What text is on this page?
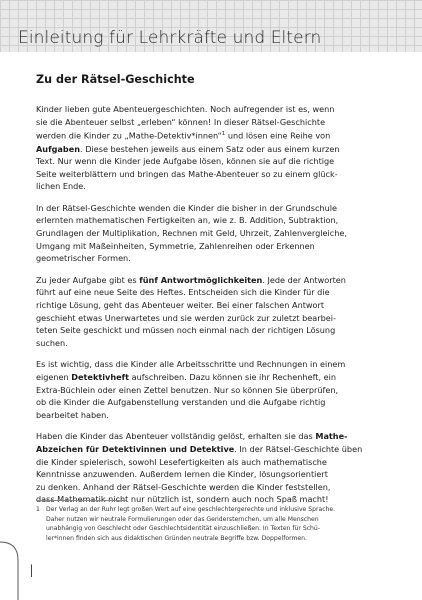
Einleitung für Lehrkräfte und Eltern
Zu der Rätsel-Geschichte

Kinder lieben gute Abenteuergeschichten. Noch aufregender ist es, wenn
sie die Abenteuer selbst „erleben“ können! In dieser Rätsel-Geschichte
werden die Kinder zu „Mathe-Detektiv*innen“$^1$ und lösen eine Reihe von
Aufgaben. Diese bestehen jeweils aus einem Satz oder aus einem kurzen
Text. Nur wenn die Kinder jede Aufgabe lösen, können sie auf die richtige
Seite weiterblättern und bringen das Mathe-Abenteuer so zu einem glück-
lichen Ende.

In der Rätsel-Geschichte wenden die Kinder die bisher in der Grundschule
erlernten mathematischen Fertigkeiten an, wie z. B. Addition, Subtraktion,
Grundlagen der Multiplikation, Rechnen mit Geld, Uhrzeit, Zahlenvergleiche,
Umgang mit Maßeinheiten, Symmetrie, Zahlenreihen oder Erkennen
geometrischer Formen.

Zu jeder Aufgabe gibt es fünf Antwortmöglichkeiten. Jede der Antworten
führt auf eine neue Seite des Heftes. Entscheiden sich die Kinder für die
richtige Lösung, geht das Abenteuer weiter. Bei einer falschen Antwort
geschieht etwas Unerwartetes und sie werden zurück zur zuletzt bearbei-
teten Seite geschickt und müssen noch einmal nach der richtigen Lösung
suchen.

Es ist wichtig, dass die Kinder alle Arbeitsschritte und Rechnungen in einem
eigenen Detektivheft aufschreiben. Dazu können sie ihr Rechenheft, ein
Extra-Büchlein oder einen Zettel benutzen. Nur so können Sie überprüfen,
ob die Kinder die Aufgabenstellung verstanden und die Aufgabe richtig
bearbeitet haben.

Haben die Kinder das Abenteuer vollständig gelöst, erhalten sie das Mathe-
Abzeichen für Detektivinnen und Detektive. In der Rätsel-Geschichte üben
die Kinder spielerisch, sowohl Lesefertigkeiten als auch mathematische
Kenntnisse anzuwenden. Außerdem lernen die Kinder, lösungsorientiert
zu denken. Anhand der Rätsel-Geschichte werden die Kinder feststellen,
dass Mathematik nicht nur nützlich ist, sondern auch noch Spaß macht!

1	Der Verlag an der Ruhr legt großen Wert auf eine geschlechtergerechte und inklusive Sprache.
Daher nutzen wir neutrale Formulierungen oder das Gendersternchen, um alle Menschen
unabhängig von Geschlecht oder Geschlechtsidentität einzuschließen. In Texten für Schü-
ler*innen finden sich aus didaktischen Gründen neutrale Begriffe bzw. Doppelformen.
I
